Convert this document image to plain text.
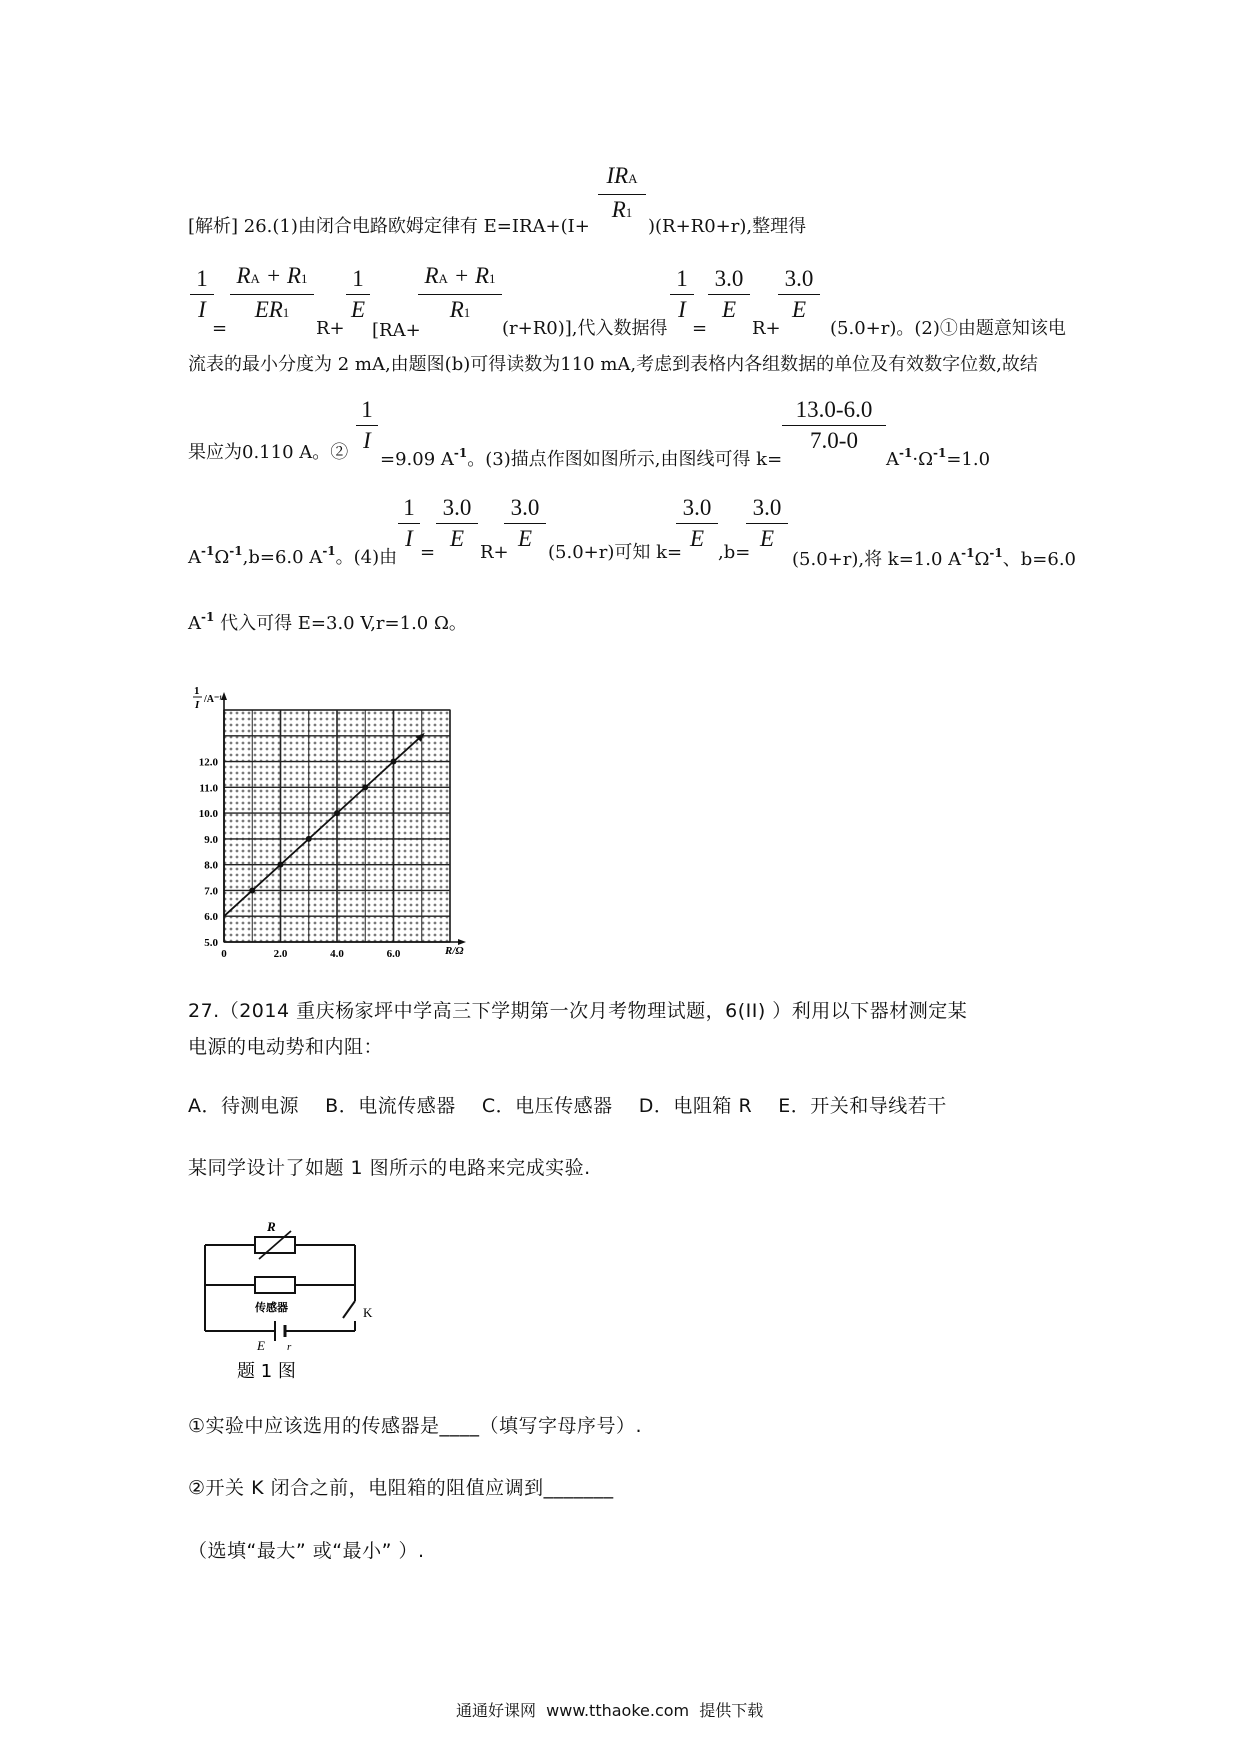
IRA
R1
[解析] 26.(1)由闭合电路欧姆定律有 E=IRA+(I+	)(R+R0+r),整理得
1
I
=
RA + R1
ER1
R+
1
E
[RA+
RA + R1
R1
(r+R0)],代入数据得
1
I
=
3.0
E
R+
3.0
E
(5.0+r)。(2)①由题意知该电
流表的最小分度为 2 mA,由题图(b)可得读数为110 mA,考虑到表格内各组数据的单位及有效数字位数,故结
果应为0.110 A。②
1
I
=9.09 $A^{-1}$。(3)描点作图如图所示,由图线可得 k=
13.0-6.0
7.0-0
$A^{-1}\cdot\Omega^{-1}=1.0$
$A^{-1}\Omega^{-1},b=6.0$ $A^{-1}$。(4)由
1
I
=
3.0
E
R+
3.0
E
(5.0+r)可知 k=
3.0
E
,b=
3.0
E
(5.0+r),将 k=1.0 $A^{-1}\Omega^{-1}$、b=6.0
$A^{-1}$ 代入可得 E=3.0 V,r=1.0 Ω。
0	2.0	4.0	6.0
5.0
6.0
7.0
8.0
9.0
10.0
11.0
12.0
1
I /A⁻¹
R/Ω
27.（2014 重庆杨家坪中学高三下学期第一次月考物理试题，6(II) ）利用以下器材测定某
电源的电动势和内阻：
A．待测电源    B．电流传感器    C．电压传感器    D．电阻箱 R    E．开关和导线若干
某同学设计了如题 1 图所示的电路来完成实验.
R
传感器	K
E r
题 1 图
①实验中应该选用的传感器是____（填写字母序号）.
②开关 K 闭合之前，电阻箱的阻值应调到_______
（选填“最大” 或“最小” ）.
通通好课网  www.tthaoke.com  提供下载
